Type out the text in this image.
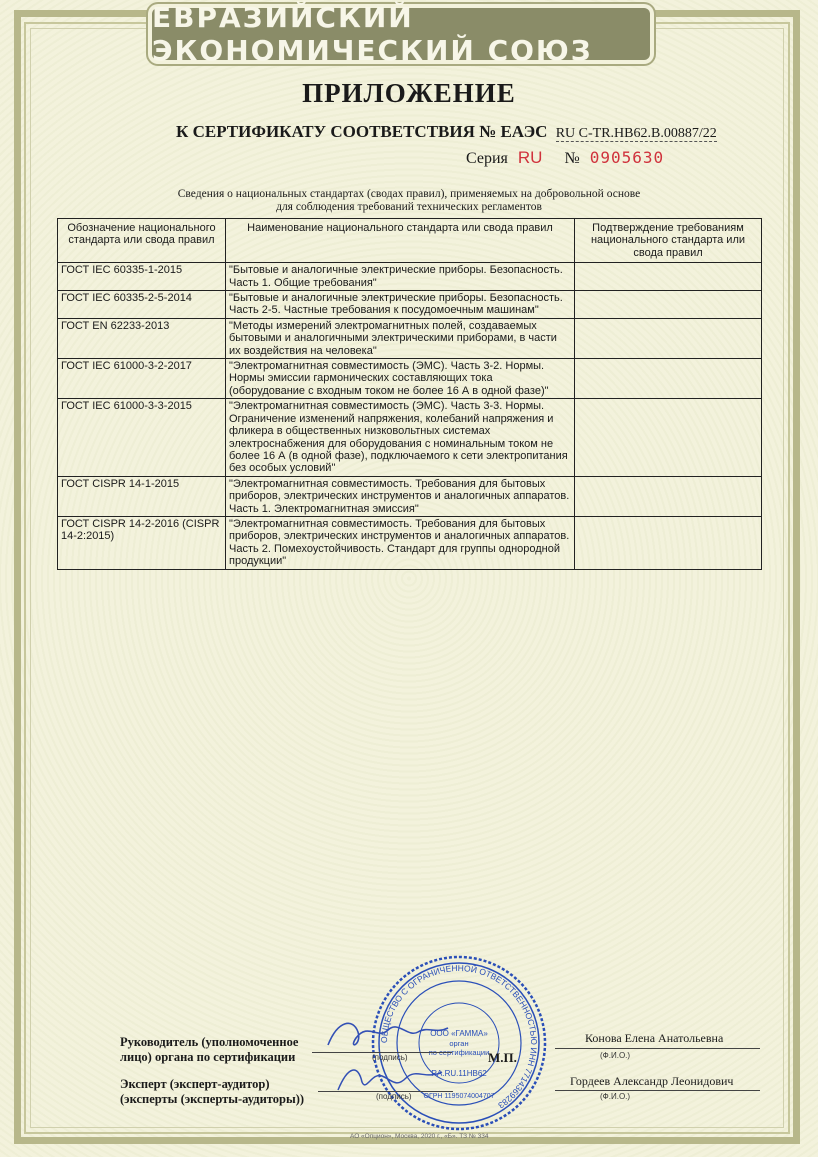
ЕВРАЗИЙСКИЙ ЭКОНОМИЧЕСКИЙ СОЮЗ
ПРИЛОЖЕНИЕ
К СЕРТИФИКАТУ СООТВЕТСТВИЯ № ЕАЭС RU C-TR.НВ62.В.00887/22
Серия RU № 0905630
Сведения о национальных стандартах (сводах правил), применяемых на добровольной основе
для соблюдения требований технических регламентов
Обозначение национального стандарта или свода правил	Наименование национального стандарта или свода правил	Подтверждение требованиям национального стандарта или свода правил
ГОСТ IEC 60335-1-2015	"Бытовые и аналогичные электрические приборы. Безопасность. Часть 1. Общие требования"	
ГОСТ IEC 60335-2-5-2014	"Бытовые и аналогичные электрические приборы. Безопасность. Часть 2-5. Частные требования к посудомоечным машинам"	
ГОСТ EN 62233-2013	"Методы измерений электромагнитных полей, создаваемых бытовыми и аналогичными электрическими приборами, в части их воздействия на человека"	
ГОСТ IEC 61000-3-2-2017	"Электромагнитная совместимость (ЭМС). Часть 3-2. Нормы. Нормы эмиссии гармонических составляющих тока (оборудование с входным током не более 16 А в одной фазе)"	
ГОСТ IEC 61000-3-3-2015	"Электромагнитная совместимость (ЭМС). Часть 3-3. Нормы. Ограничение изменений напряжения, колебаний напряжения и фликера в общественных низковольтных системах электроснабжения для оборудования с номинальным током не более 16 А (в одной фазе), подключаемого к сети электропитания без особых условий"	
ГОСТ CISPR 14-1-2015	"Электромагнитная совместимость. Требования для бытовых приборов, электрических инструментов и аналогичных аппаратов. Часть 1. Электромагнитная эмиссия"	
ГОСТ CISPR 14-2-2016 (CISPR 14-2:2015)	"Электромагнитная совместимость. Требования для бытовых приборов, электрических инструментов и аналогичных аппаратов. Часть 2. Помехоустойчивость. Стандарт для группы однородной продукции"	
ОБЩЕСТВО С ОГРАНИЧЕННОЙ ОТВЕТСТВЕННОСТЬЮ ИНН 7714369283
ООО «ГАММА»
орган
по сертификации
RA.RU.11НВ62
ОГРН 1195074004707
Руководитель (уполномоченное
лицо) органа по сертификации	(подпись)	М.П.
Конова Елена Анатольевна
(Ф.И.О.)
Эксперт (эксперт-аудитор)
(эксперты (эксперты-аудиторы))	(подпись)
Гордеев Александр Леонидович
(Ф.И.О.)
АО «Опцион», Москва, 2020 г., «Б». ТЗ № 334
